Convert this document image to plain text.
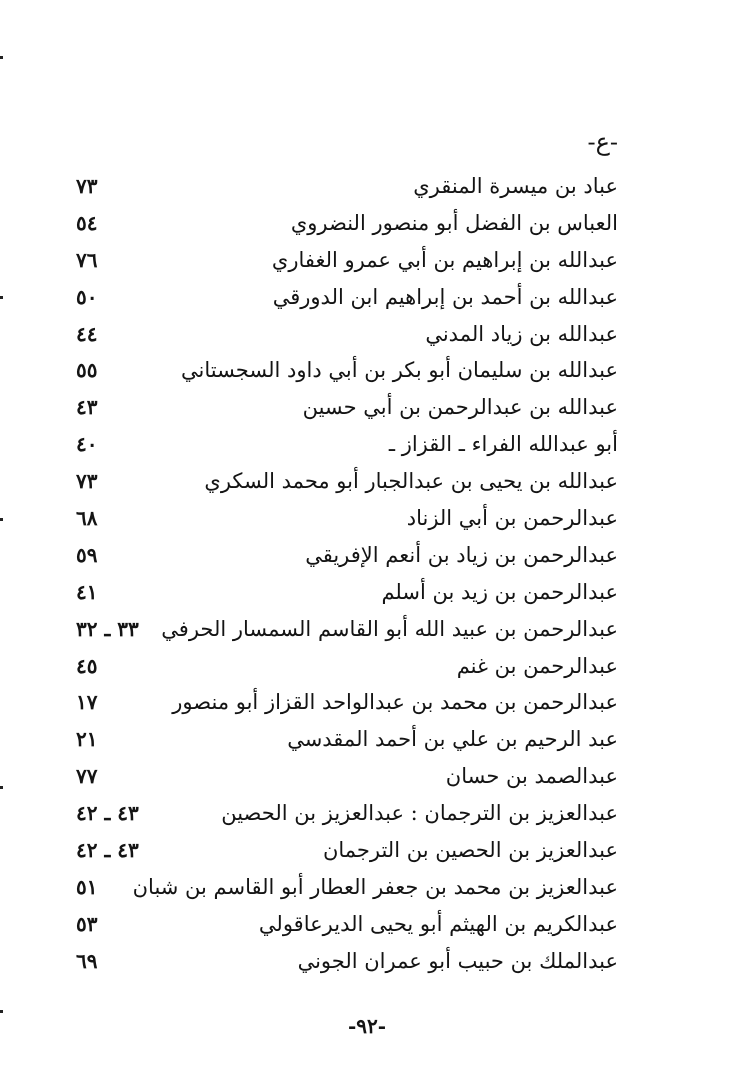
-ع-
عباد بن ميسرة المنقري
٧٣
العباس بن الفضل أبو منصور النضروي
٥٤
عبدالله بن إبراهيم بن أبي عمرو الغفاري
٧٦
عبدالله بن أحمد بن إبراهيم ابن الدورقي
٥٠
عبدالله بن زياد المدني
٤٤
عبدالله بن سليمان أبو بكر بن أبي داود السجستاني
٥٥
عبدالله بن عبدالرحمن بن أبي حسين
٤٣
أبو عبدالله الفراء ـ القزاز ـ
٤٠
عبدالله بن يحيى بن عبدالجبار أبو محمد السكري
٧٣
عبدالرحمن بن أبي الزناد
٦٨
عبدالرحمن بن زياد بن أنعم الإفريقي
٥٩
عبدالرحمن بن زيد بن أسلم
٤١
عبدالرحمن بن عبيد الله أبو القاسم السمسار الحرفي
٣٣ ـ ٣٢
عبدالرحمن بن غنم
٤٥
عبدالرحمن بن محمد بن عبدالواحد القزاز أبو منصور
١٧
عبد الرحيم بن علي بن أحمد المقدسي
٢١
عبدالصمد بن حسان
٧٧
عبدالعزيز بن الترجمان : عبدالعزيز بن الحصين
٤٣ ـ ٤٢
عبدالعزيز بن الحصين بن الترجمان
٤٣ ـ ٤٢
عبدالعزيز بن محمد بن جعفر العطار أبو القاسم بن شبان
٥١
عبدالكريم بن الهيثم أبو يحيى الديرعاقولي
٥٣
عبدالملك بن حبيب أبو عمران الجوني
٦٩
-٩٢-
